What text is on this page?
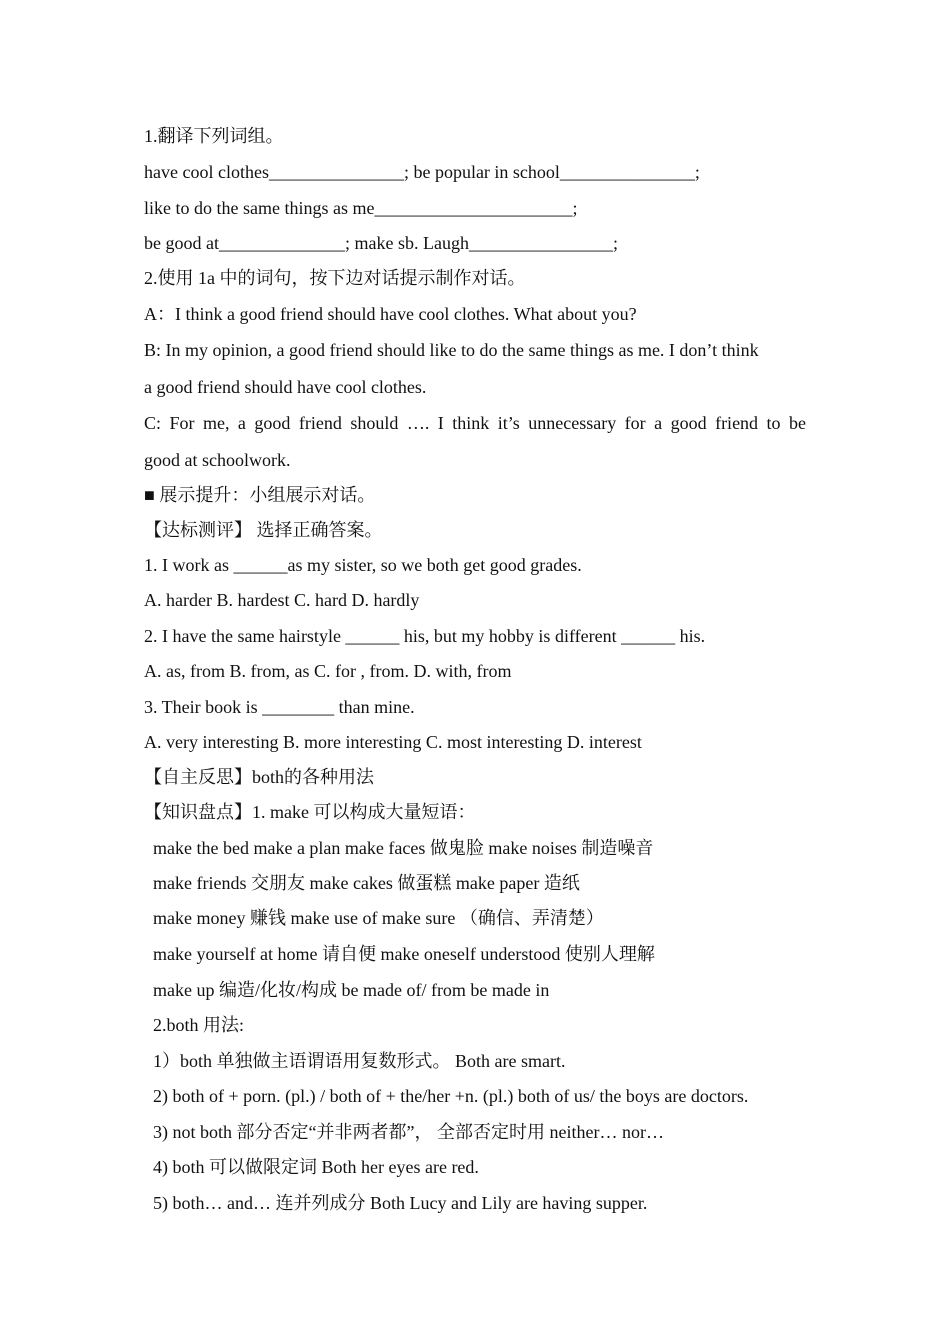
1.翻译下列词组。
have cool clothes_______________; be popular in school_______________;
like to do the same things as me______________________;
be good at______________; make sb. Laugh________________;
2.使用 1a 中的词句，按下边对话提示制作对话。
A：I think a good friend should have cool clothes. What about you?
B: In my opinion, a good friend should like to do the same things as me. I don’t think
a good friend should have cool clothes.
C: For me, a good friend should …. I think it’s unnecessary for a good friend to be
good at schoolwork.
■ 展示提升：小组展示对话。
【达标测评】 选择正确答案。
1. I work as ______as my sister, so we both get good grades.
A. harder B. hardest C. hard D. hardly
2. I have the same hairstyle ______ his, but my hobby is different ______ his.
A. as, from B. from, as C. for , from. D. with, from
3. Their book is ________ than mine.
A. very interesting B. more interesting C. most interesting D. interest
【自主反思】both的各种用法
【知识盘点】1. make 可以构成大量短语：
make the bed make a plan make faces 做鬼脸 make noises 制造噪音
make friends 交朋友 make cakes 做蛋糕 make paper 造纸
make money 赚钱 make use of make sure （确信、弄清楚）
make yourself at home 请自便 make oneself understood 使别人理解
make up 编造/化妆/构成 be made of/ from be made in
2.both 用法:
1）both 单独做主语谓语用复数形式。 Both are smart.
2) both of + porn. (pl.) / both of + the/her +n. (pl.) both of us/ the boys are doctors.
3) not both 部分否定“并非两者都”， 全部否定时用 neither… nor…
4) both 可以做限定词 Both her eyes are red.
5) both… and… 连并列成分 Both Lucy and Lily are having supper.
